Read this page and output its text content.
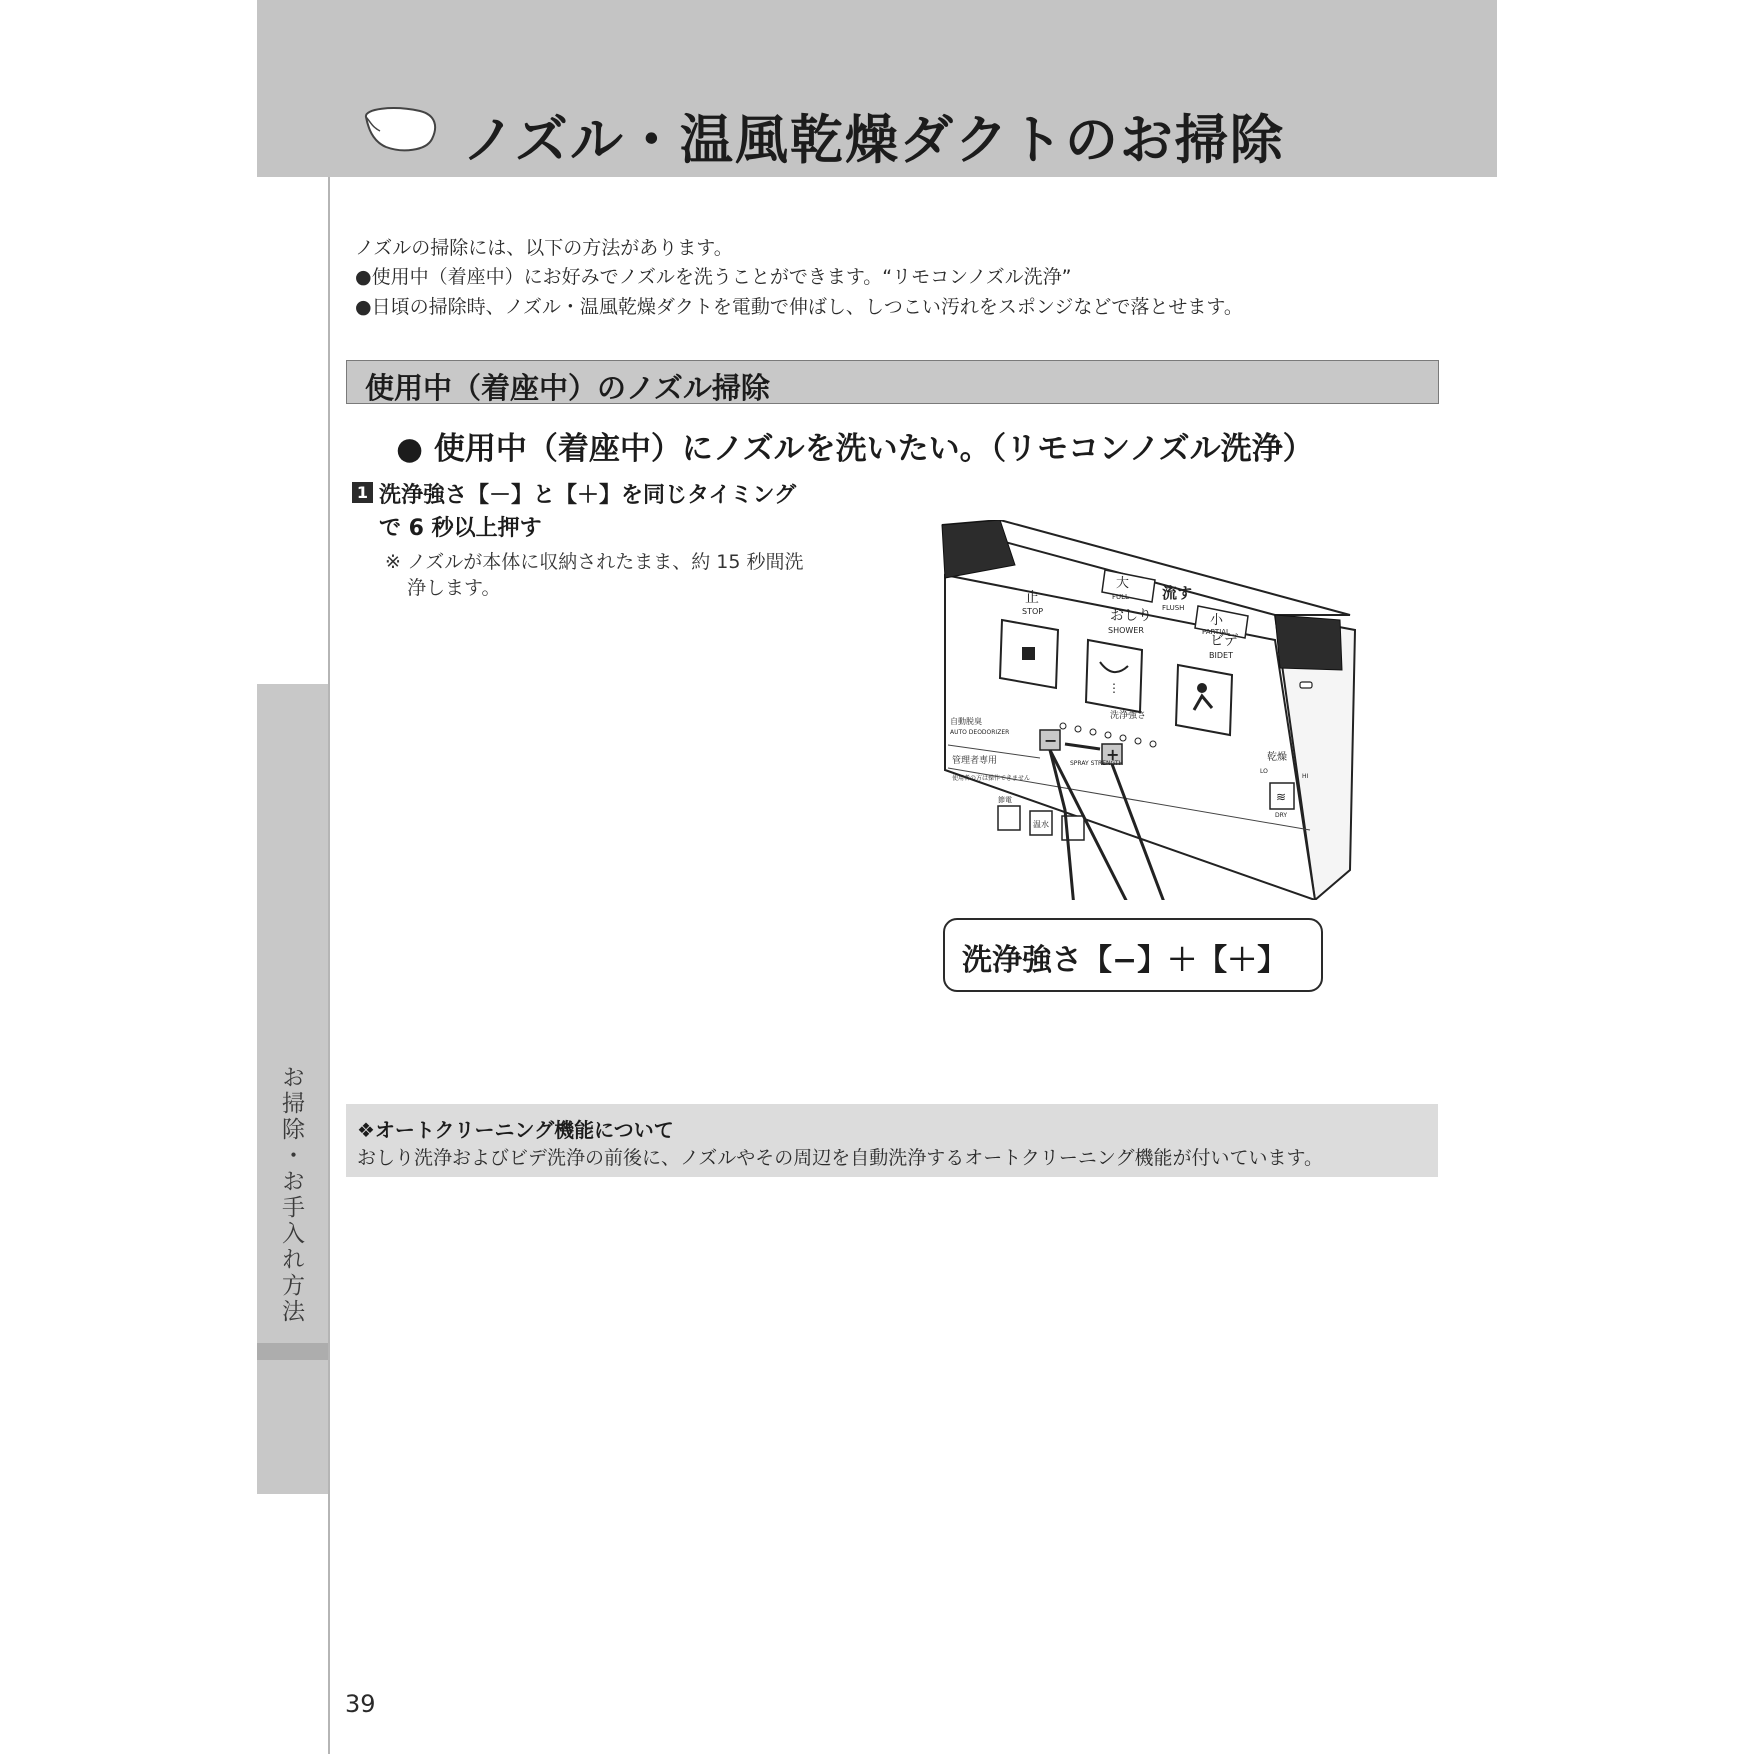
ノズル・温風乾燥ダクトのお掃除
お掃除・お手入れ方法
ノズルの掃除には、以下の方法があります。
●使用中（着座中）にお好みでノズルを洗うことができます。“リモコンノズル洗浄”
●日頃の掃除時、ノズル・温風乾燥ダクトを電動で伸ばし、しつこい汚れをスポンジなどで落とせます。
使用中（着座中）のノズル掃除
● 使用中（着座中）にノズルを洗いたい。（リモコンノズル洗浄）
1 洗浄強さ【－】と【＋】を同じタイミング
で 6 秒以上押す
※ ノズルが本体に収納されたまま、約 15 秒間洗
浄します。	大
FULL 流す
FLUSH
小
PARTIAL
止
STOP	おしり
SHOWER
⋮
ビデ
BIDET
自動脱臭
AUTO DEODORIZER
洗浄強さ
−
+
SPRAY STRENGTH
管理者専用
使用者の方は操作できません
乾燥
LO
HI
≋
DRY
節電
温水
洗浄強さ【−】＋【＋】
❖オートクリーニング機能について
おしり洗浄およびビデ洗浄の前後に、ノズルやその周辺を自動洗浄するオートクリーニング機能が付いています。
39
